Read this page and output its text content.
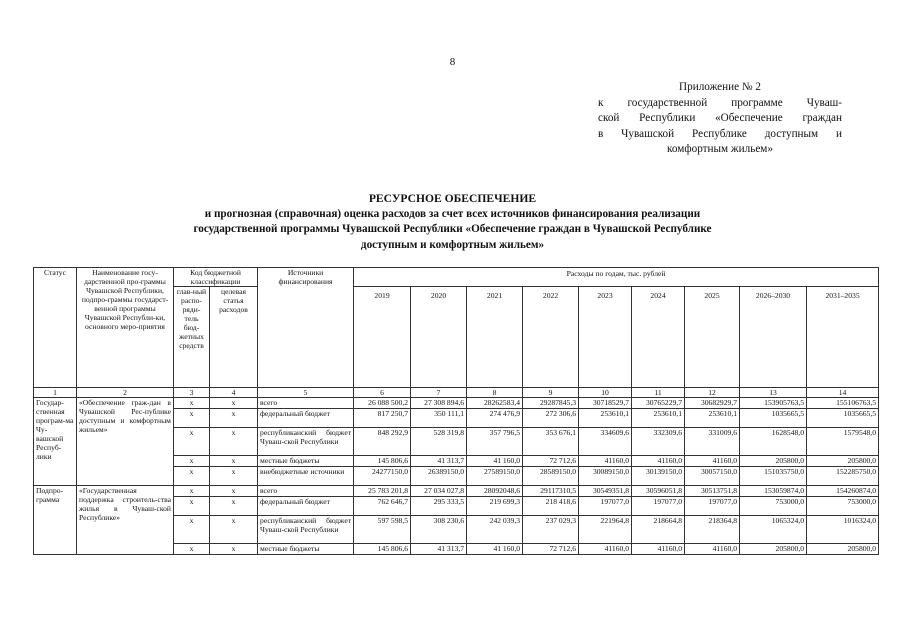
8
Приложение № 2
к государственной программе Чуваш-
ской Республики «Обеспечение граждан
в Чувашской Республике доступным и
комфортным жильем»
РЕСУРСНОЕ ОБЕСПЕЧЕНИЕ
и прогнозная (справочная) оценка расходов за счет всех источников финансирования реализации
государственной программы Чувашской Республики «Обеспечение граждан в Чувашской Республике
доступным и комфортным жильем»
Статус	Наименование госу-дарственной про-граммы Чувашской Республики, подпро-граммы государст-венной программы Чувашской Республи-ки, основного меро-приятия	Код бюджетной классификации		Источники финансирования	Расходы по годам, тыс. рублей								
		глав-ный распо-ряди-тель бюд-жетных средств	целевая статья расходов		2019	2020	2021	2022	2023	2024	2025	2026–2030	2031–2035

1	2	3	4	5	6	7	8	9	10	11	12	13	14
Государ-ственная програм-ма Чу-вашской Респуб-лики	«Обеспечение граж-дан в Чувашской Рес-публике доступным и комфортным жильем»	х	х	всего	26 088 500,2	27 308 894,6	28262583,4	29287845,3	30718529,7	30765229,7	30682929,7	153905763,5	155106763,5
		х	х	федеральный бюджет	817 250,7	350 111,1	274 476,9	272 306,6	253610,1	253610,1	253610,1	1035665,5	1035665,5
		х	х	республиканский бюджет Чуваш-ской Республики	848 292,9	528 319,8	357 796,5	353 676,1	334609,6	332309,6	331009,6	1628548,0	1579548,0
		х	х	местные бюджеты	145 806,6	41 313,7	41 160,0	72 712,6	41160,0	41160,0	41160,0	205800,0	205800,0
		х	х	внебюджетные источники	24277150,0	26389150,0	27589150,0	28589150,0	30089150,0	30139150,0	30057150,0	151035750,0	152285750,0
Подпро-грамма	«Государственная поддержка строитель-ства жилья в Чуваш-ской Республике»	х	х	всего	25 783 201,8	27 034 027,8	28092048,6	29117310,5	30549351,8	30596051,8	30513751,8	153059874,0	154260874,0
		х	х	федеральный бюджет	762 646,7	295 333,5	219 699,3	218 418,6	197077,0	197077,0	197077,0	753000,0	753000,0
		х	х	республиканский бюджет Чуваш-ской Республики	597 598,5	308 230,6	242 039,3	237 029,3	221964,8	218664,8	218364,8	1065324,0	1016324,0
		х	х	местные бюджеты	145 806,6	41 313,7	41 160,0	72 712,6	41160,0	41160,0	41160,0	205800,0	205800,0
